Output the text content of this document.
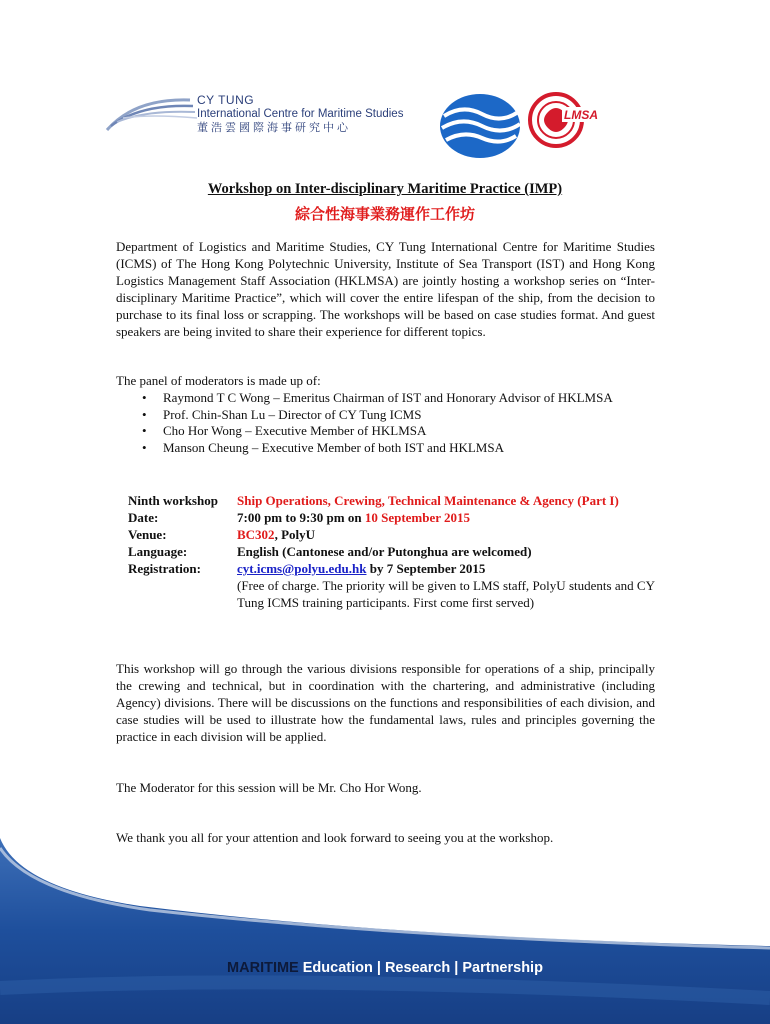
CY TUNG
International Centre for Maritime Studies
董浩雲國際海事研究中心
LMSA
Workshop on Inter-disciplinary Maritime Practice (IMP)
綜合性海事業務運作工作坊

Department of Logistics and Maritime Studies, CY Tung International Centre for Maritime Studies (ICMS) of The Hong Kong Polytechnic University, Institute of Sea Transport (IST) and Hong Kong Logistics Management Staff Association (HKLMSA) are jointly hosting a workshop series on “Inter-disciplinary Maritime Practice”, which will cover the entire lifespan of the ship, from the decision to purchase to its final loss or scrapping. The workshops will be based on case studies format. And guest speakers are being invited to share their experience for different topics.

The panel of moderators is made up of:

• Raymond T C Wong – Emeritus Chairman of IST and Honorary Advisor of HKLMSA
• Prof. Chin-Shan Lu – Director of CY Tung ICMS
• Cho Hor Wong – Executive Member of HKLMSA
• Manson Cheung – Executive Member of both IST and HKLMSA
Ninth workshop	Ship Operations, Crewing, Technical Maintenance & Agency (Part I)
Date:	7:00 pm to 9:30 pm on 10 September 2015
Venue:	BC302, PolyU
Language:	English (Cantonese and/or Putonghua are welcomed)
Registration:	cyt.icms@polyu.edu.hk by 7 September 2015
(Free of charge. The priority will be given to LMS staff, PolyU students and CY Tung ICMS training participants. First come first served)

This workshop will go through the various divisions responsible for operations of a ship, principally the crewing and technical, but in coordination with the chartering, and administrative (including Agency) divisions. There will be discussions on the functions and responsibilities of each division, and case studies will be used to illustrate how the fundamental laws, rules and principles governing the practice in each division will be applied.

The Moderator for this session will be Mr. Cho Hor Wong.

We thank you all for your attention and look forward to seeing you at the workshop.

MARITIME Education | Research | Partnership
